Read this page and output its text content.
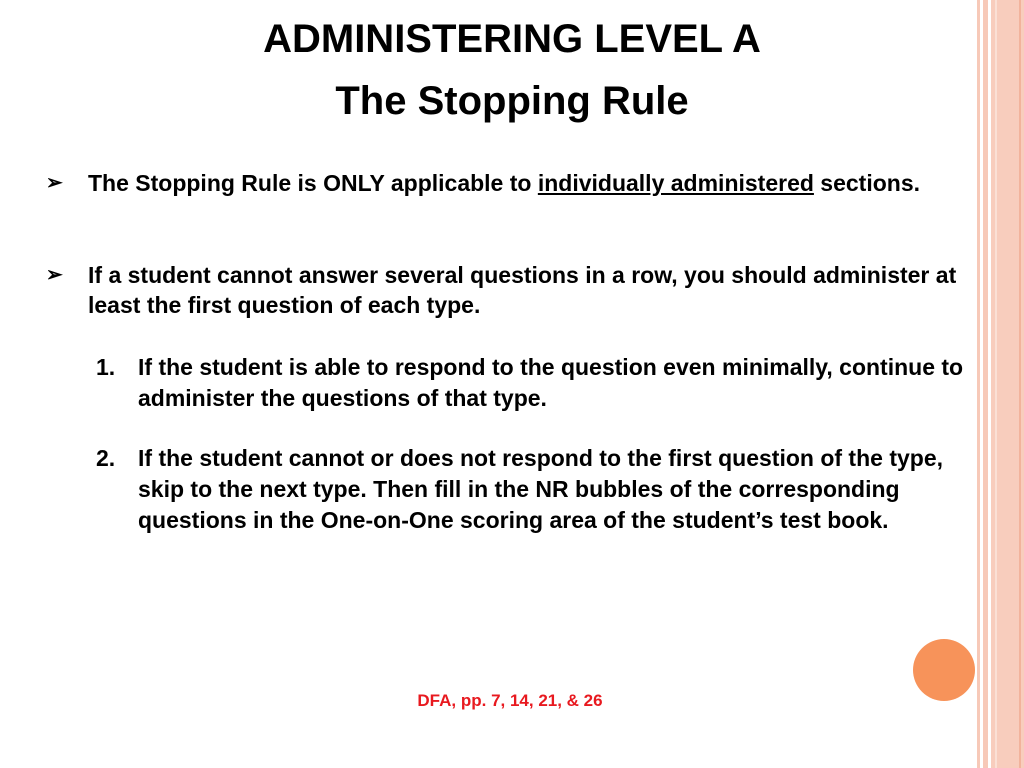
ADMINISTERING LEVEL A
The Stopping Rule
➢ The Stopping Rule is ONLY applicable to individually administered sections.
➢ If a student cannot answer several questions in a row, you should administer at least the first question of each type.
1. If the student is able to respond to the question even minimally, continue to administer the questions of that type.
2. If the student cannot or does not respond to the first question of the type, skip to the next type. Then fill in the NR bubbles of the corresponding questions in the One-on-One scoring area of the student’s test book.
DFA, pp. 7, 14, 21, & 26
